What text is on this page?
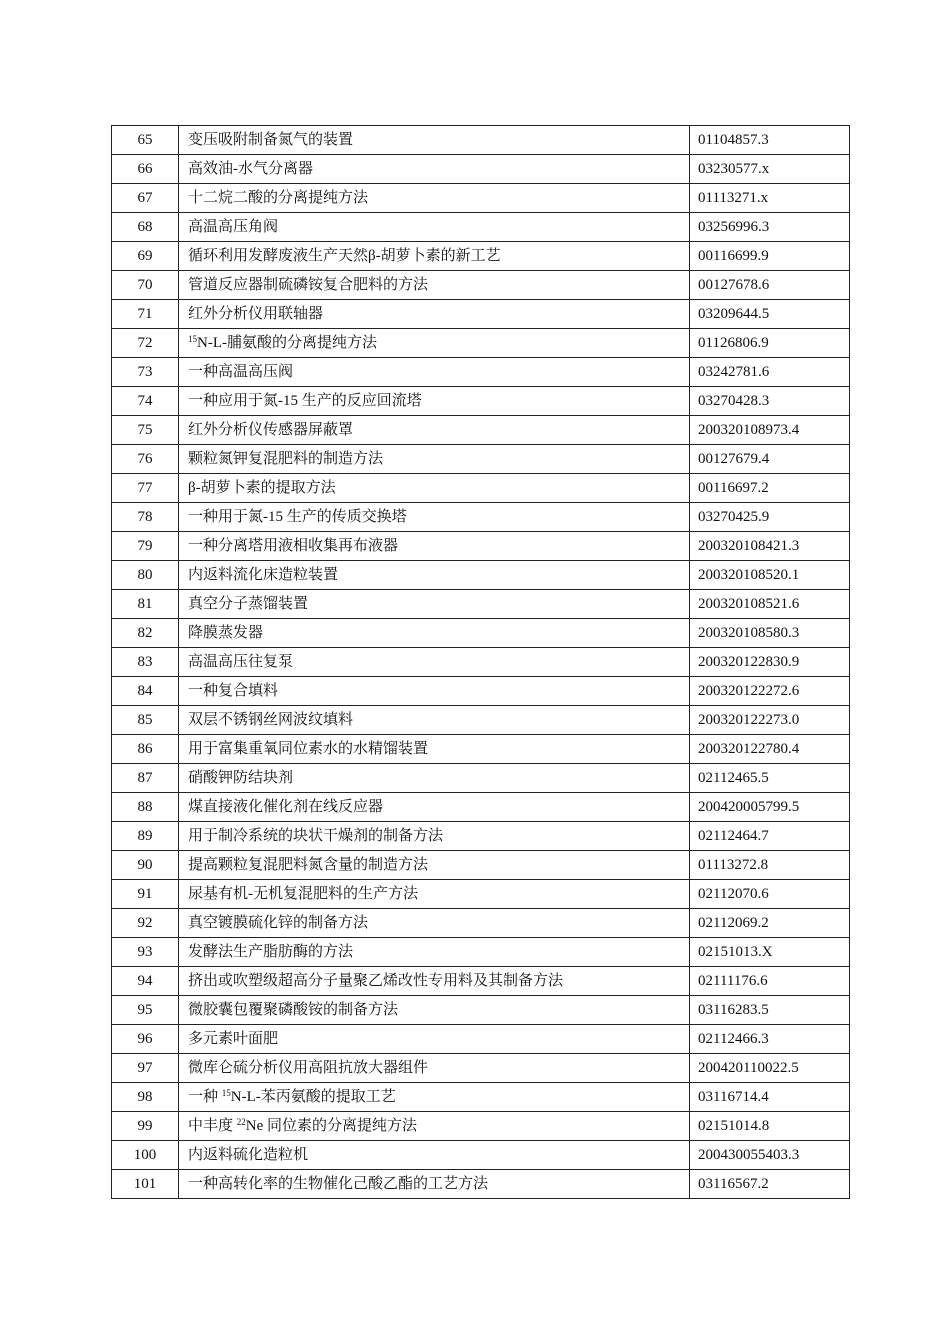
65	变压吸附制备氮气的装置	01104857.3
66	高效油-水气分离器	03230577.x
67	十二烷二酸的分离提纯方法	01113271.x
68	高温高压角阀	03256996.3
69	循环利用发酵废液生产天然β-胡萝卜素的新工艺	00116699.9
70	管道反应器制硫磷铵复合肥料的方法	00127678.6
71	红外分析仪用联轴器	03209644.5
72	$^{15}$N-L-脯氨酸的分离提纯方法	01126806.9
73	一种高温高压阀	03242781.6
74	一种应用于氮-15 生产的反应回流塔	03270428.3
75	红外分析仪传感器屏蔽罩	200320108973.4
76	颗粒氮钾复混肥料的制造方法	00127679.4
77	β-胡萝卜素的提取方法	00116697.2
78	一种用于氮-15 生产的传质交换塔	03270425.9
79	一种分离塔用液相收集再布液器	200320108421.3
80	内返料流化床造粒装置	200320108520.1
81	真空分子蒸馏装置	200320108521.6
82	降膜蒸发器	200320108580.3
83	高温高压往复泵	200320122830.9
84	一种复合填料	200320122272.6
85	双层不锈钢丝网波纹填料	200320122273.0
86	用于富集重氧同位素水的水精馏装置	200320122780.4
87	硝酸钾防结块剂	02112465.5
88	煤直接液化催化剂在线反应器	200420005799.5
89	用于制冷系统的块状干燥剂的制备方法	02112464.7
90	提高颗粒复混肥料氮含量的制造方法	01113272.8
91	尿基有机-无机复混肥料的生产方法	02112070.6
92	真空镀膜硫化锌的制备方法	02112069.2
93	发酵法生产脂肪酶的方法	02151013.X
94	挤出或吹塑级超高分子量聚乙烯改性专用料及其制备方法	02111176.6
95	微胶囊包覆聚磷酸铵的制备方法	03116283.5
96	多元素叶面肥	02112466.3
97	微库仑硫分析仪用高阻抗放大器组件	200420110022.5
98	一种 $^{15}$N-L-苯丙氨酸的提取工艺	03116714.4
99	中丰度 $^{22}$Ne 同位素的分离提纯方法	02151014.8
100	内返料硫化造粒机	200430055403.3
101	一种高转化率的生物催化己酸乙酯的工艺方法	03116567.2
